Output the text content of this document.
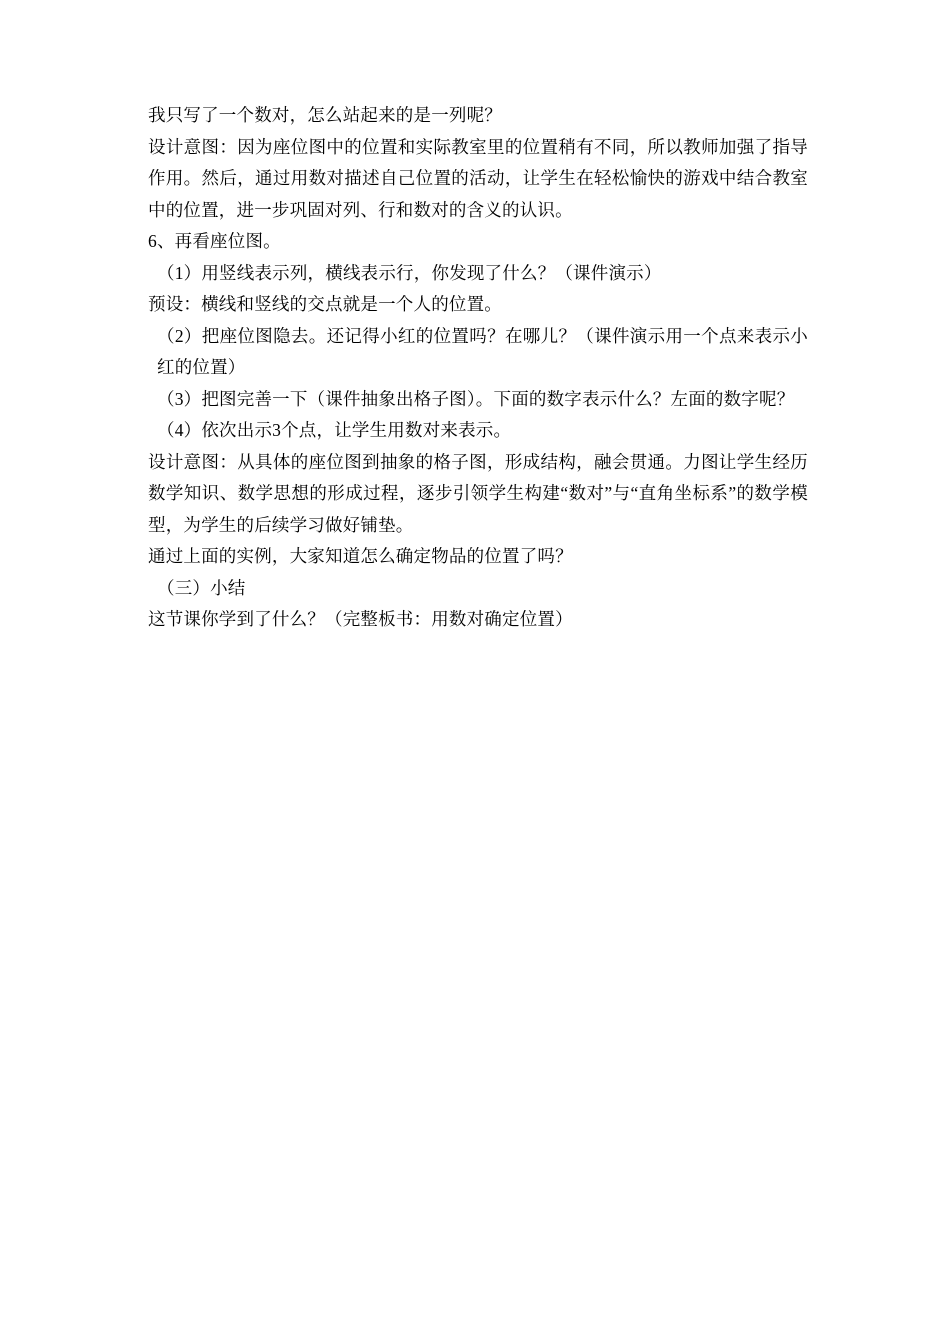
我只写了一个数对，怎么站起来的是一列呢？

设计意图：因为座位图中的位置和实际教室里的位置稍有不同，所以教师加强了指导作用。然后，通过用数对描述自己位置的活动，让学生在轻松愉快的游戏中结合教室中的位置，进一步巩固对列、行和数对的含义的认识。

6、再看座位图。

（1）用竖线表示列，横线表示行，你发现了什么？（课件演示）

预设：横线和竖线的交点就是一个人的位置。

（2）把座位图隐去。还记得小红的位置吗？在哪儿？（课件演示用一个点来表示小红的位置）

（3）把图完善一下（课件抽象出格子图）。下面的数字表示什么？左面的数字呢？

（4）依次出示3个点，让学生用数对来表示。

设计意图：从具体的座位图到抽象的格子图，形成结构，融会贯通。力图让学生经历数学知识、数学思想的形成过程，逐步引领学生构建“数对”与“直角坐标系”的数学模型，为学生的后续学习做好铺垫。

通过上面的实例，大家知道怎么确定物品的位置了吗？

（三）小结

这节课你学到了什么？（完整板书：用数对确定位置）
